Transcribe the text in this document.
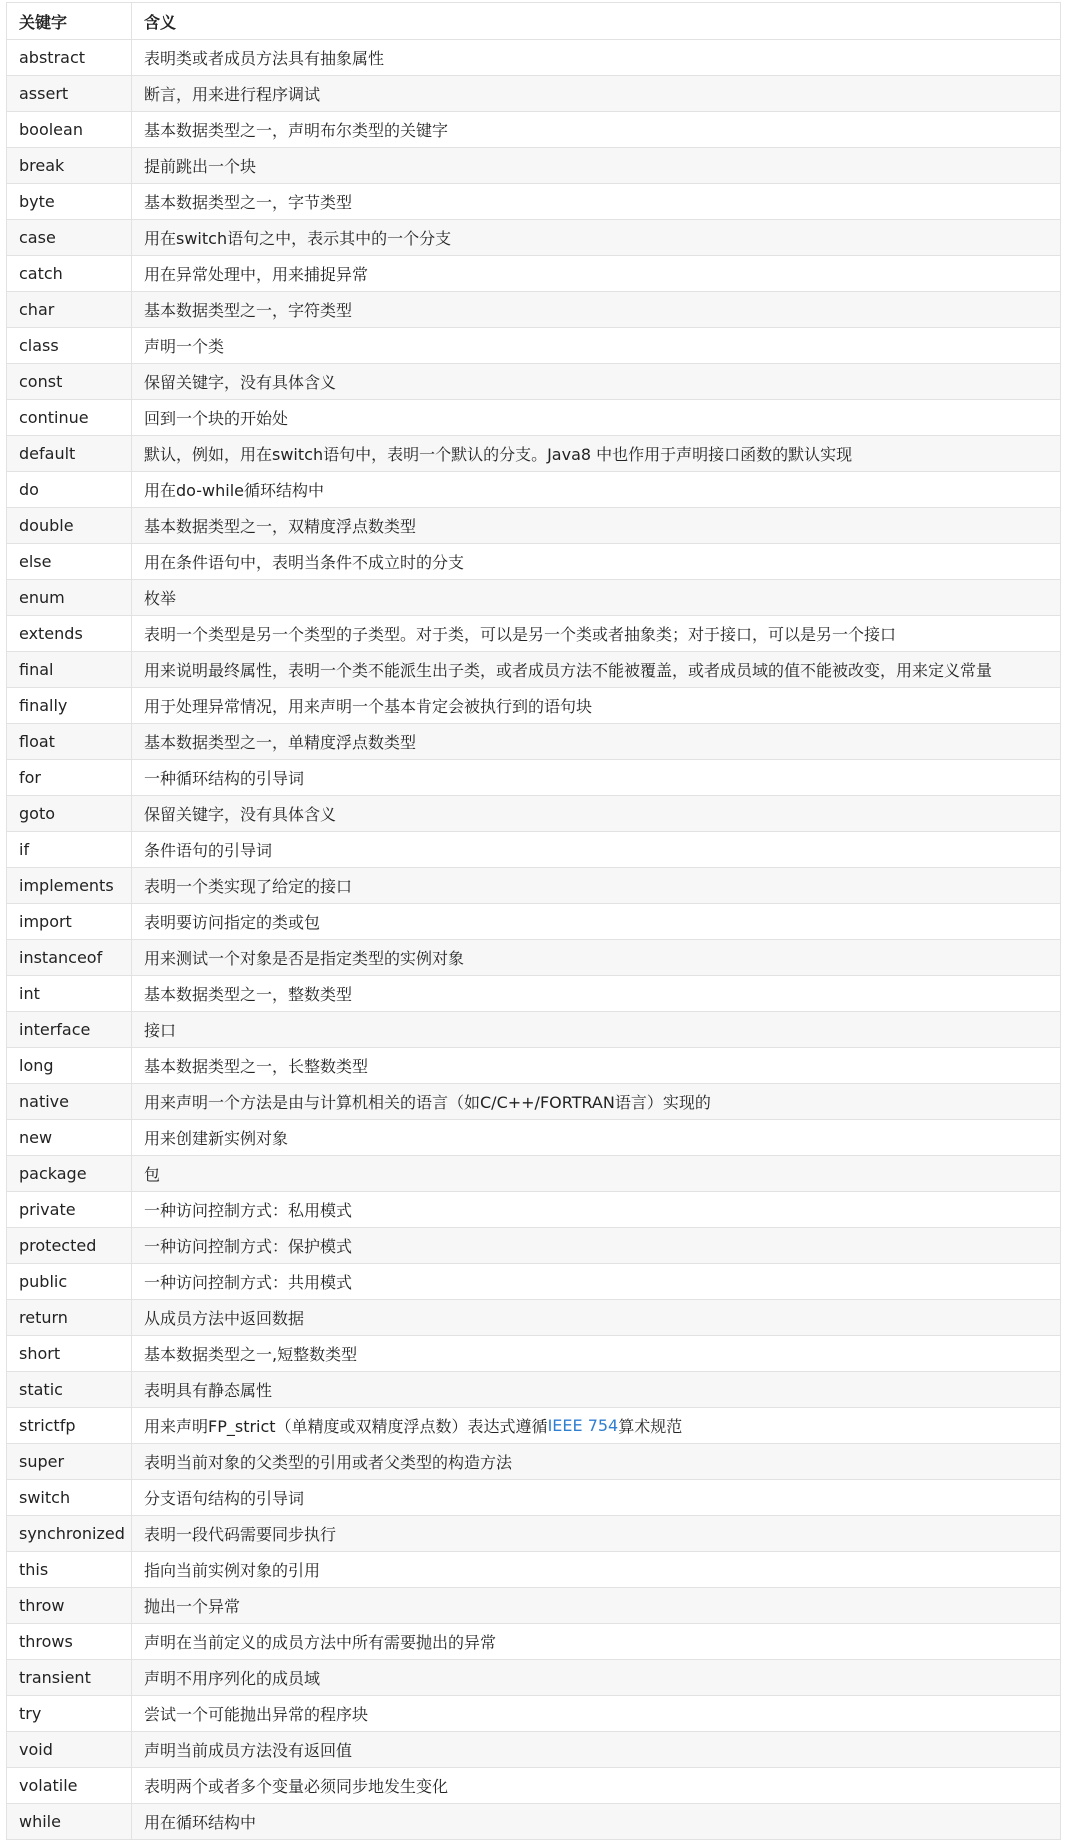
关键字	含义
abstract	表明类或者成员方法具有抽象属性
assert	断言，用来进行程序调试
boolean	基本数据类型之一，声明布尔类型的关键字
break	提前跳出一个块
byte	基本数据类型之一，字节类型
case	用在switch语句之中，表示其中的一个分支
catch	用在异常处理中，用来捕捉异常
char	基本数据类型之一，字符类型
class	声明一个类
const	保留关键字，没有具体含义
continue	回到一个块的开始处
default	默认，例如，用在switch语句中，表明一个默认的分支。Java8 中也作用于声明接口函数的默认实现
do	用在do-while循环结构中
double	基本数据类型之一，双精度浮点数类型
else	用在条件语句中，表明当条件不成立时的分支
enum	枚举
extends	表明一个类型是另一个类型的子类型。对于类，可以是另一个类或者抽象类；对于接口，可以是另一个接口
final	用来说明最终属性，表明一个类不能派生出子类，或者成员方法不能被覆盖，或者成员域的值不能被改变，用来定义常量
finally	用于处理异常情况，用来声明一个基本肯定会被执行到的语句块
float	基本数据类型之一，单精度浮点数类型
for	一种循环结构的引导词
goto	保留关键字，没有具体含义
if	条件语句的引导词
implements	表明一个类实现了给定的接口
import	表明要访问指定的类或包
instanceof	用来测试一个对象是否是指定类型的实例对象
int	基本数据类型之一，整数类型
interface	接口
long	基本数据类型之一，长整数类型
native	用来声明一个方法是由与计算机相关的语言（如C/C++/FORTRAN语言）实现的
new	用来创建新实例对象
package	包
private	一种访问控制方式：私用模式
protected	一种访问控制方式：保护模式
public	一种访问控制方式：共用模式
return	从成员方法中返回数据
short	基本数据类型之一,短整数类型
static	表明具有静态属性
strictfp	用来声明FP_strict（单精度或双精度浮点数）表达式遵循 IEEE 754 算术规范
super	表明当前对象的父类型的引用或者父类型的构造方法
switch	分支语句结构的引导词
synchronized	表明一段代码需要同步执行
this	指向当前实例对象的引用
throw	抛出一个异常
throws	声明在当前定义的成员方法中所有需要抛出的异常
transient	声明不用序列化的成员域
try	尝试一个可能抛出异常的程序块
void	声明当前成员方法没有返回值
volatile	表明两个或者多个变量必须同步地发生变化
while	用在循环结构中
